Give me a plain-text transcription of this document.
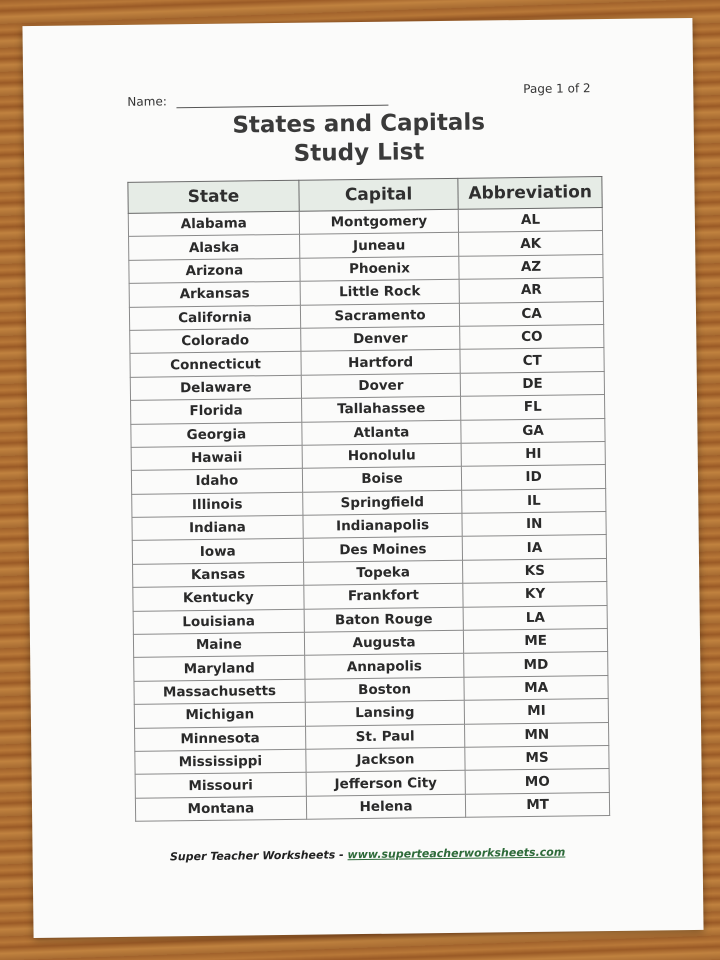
Name:
Page 1 of 2
States and Capitals
Study List
State	Capital	Abbreviation
Alabama	Montgomery	AL
Alaska	Juneau	AK
Arizona	Phoenix	AZ
Arkansas	Little Rock	AR
California	Sacramento	CA
Colorado	Denver	CO
Connecticut	Hartford	CT
Delaware	Dover	DE
Florida	Tallahassee	FL
Georgia	Atlanta	GA
Hawaii	Honolulu	HI
Idaho	Boise	ID
Illinois	Springfield	IL
Indiana	Indianapolis	IN
Iowa	Des Moines	IA
Kansas	Topeka	KS
Kentucky	Frankfort	KY
Louisiana	Baton Rouge	LA
Maine	Augusta	ME
Maryland	Annapolis	MD
Massachusetts	Boston	MA
Michigan	Lansing	MI
Minnesota	St. Paul	MN
Mississippi	Jackson	MS
Missouri	Jefferson City	MO
Montana	Helena	MT
Super Teacher Worksheets - www.superteacherworksheets.com
